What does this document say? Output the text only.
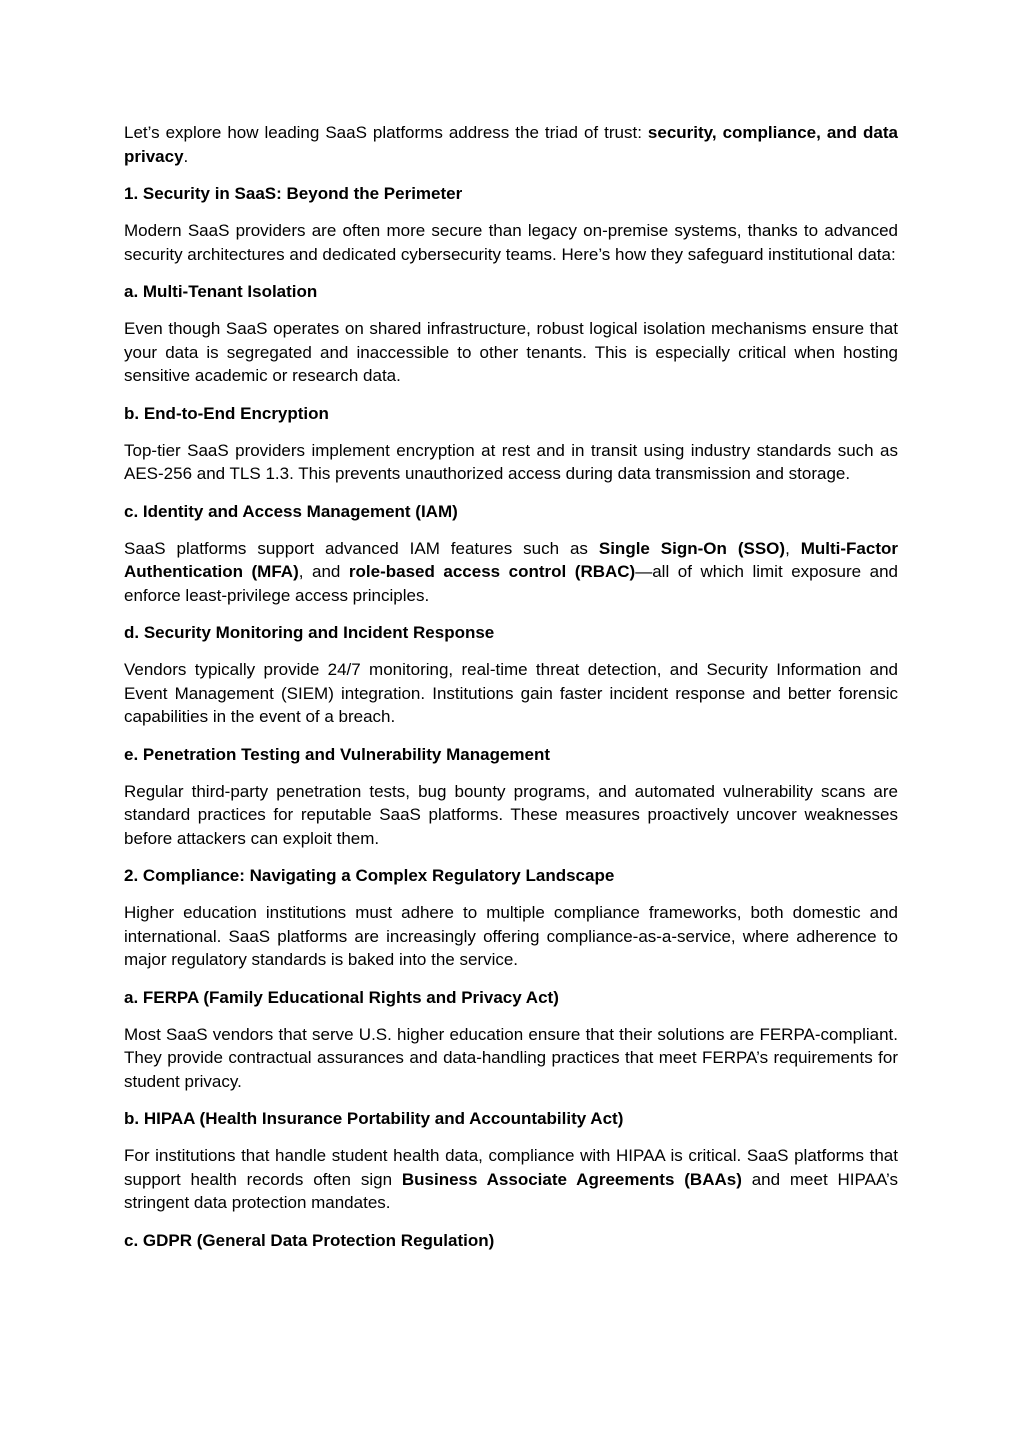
Let’s explore how leading SaaS platforms address the triad of trust: security, compliance, and data privacy.

1. Security in SaaS: Beyond the Perimeter

Modern SaaS providers are often more secure than legacy on-premise systems, thanks to advanced security architectures and dedicated cybersecurity teams. Here’s how they safeguard institutional data:

a. Multi-Tenant Isolation

Even though SaaS operates on shared infrastructure, robust logical isolation mechanisms ensure that your data is segregated and inaccessible to other tenants. This is especially critical when hosting sensitive academic or research data.

b. End-to-End Encryption

Top-tier SaaS providers implement encryption at rest and in transit using industry standards such as AES-256 and TLS 1.3. This prevents unauthorized access during data transmission and storage.

c. Identity and Access Management (IAM)

SaaS platforms support advanced IAM features such as Single Sign-On (SSO), Multi-Factor Authentication (MFA), and role-based access control (RBAC)—all of which limit exposure and enforce least-privilege access principles.

d. Security Monitoring and Incident Response

Vendors typically provide 24/7 monitoring, real-time threat detection, and Security Information and Event Management (SIEM) integration. Institutions gain faster incident response and better forensic capabilities in the event of a breach.

e. Penetration Testing and Vulnerability Management

Regular third-party penetration tests, bug bounty programs, and automated vulnerability scans are standard practices for reputable SaaS platforms. These measures proactively uncover weaknesses before attackers can exploit them.

2. Compliance: Navigating a Complex Regulatory Landscape

Higher education institutions must adhere to multiple compliance frameworks, both domestic and international. SaaS platforms are increasingly offering compliance-as-a-service, where adherence to major regulatory standards is baked into the service.

a. FERPA (Family Educational Rights and Privacy Act)

Most SaaS vendors that serve U.S. higher education ensure that their solutions are FERPA-compliant. They provide contractual assurances and data-handling practices that meet FERPA’s requirements for student privacy.

b. HIPAA (Health Insurance Portability and Accountability Act)

For institutions that handle student health data, compliance with HIPAA is critical. SaaS platforms that support health records often sign Business Associate Agreements (BAAs) and meet HIPAA’s stringent data protection mandates.

c. GDPR (General Data Protection Regulation)
